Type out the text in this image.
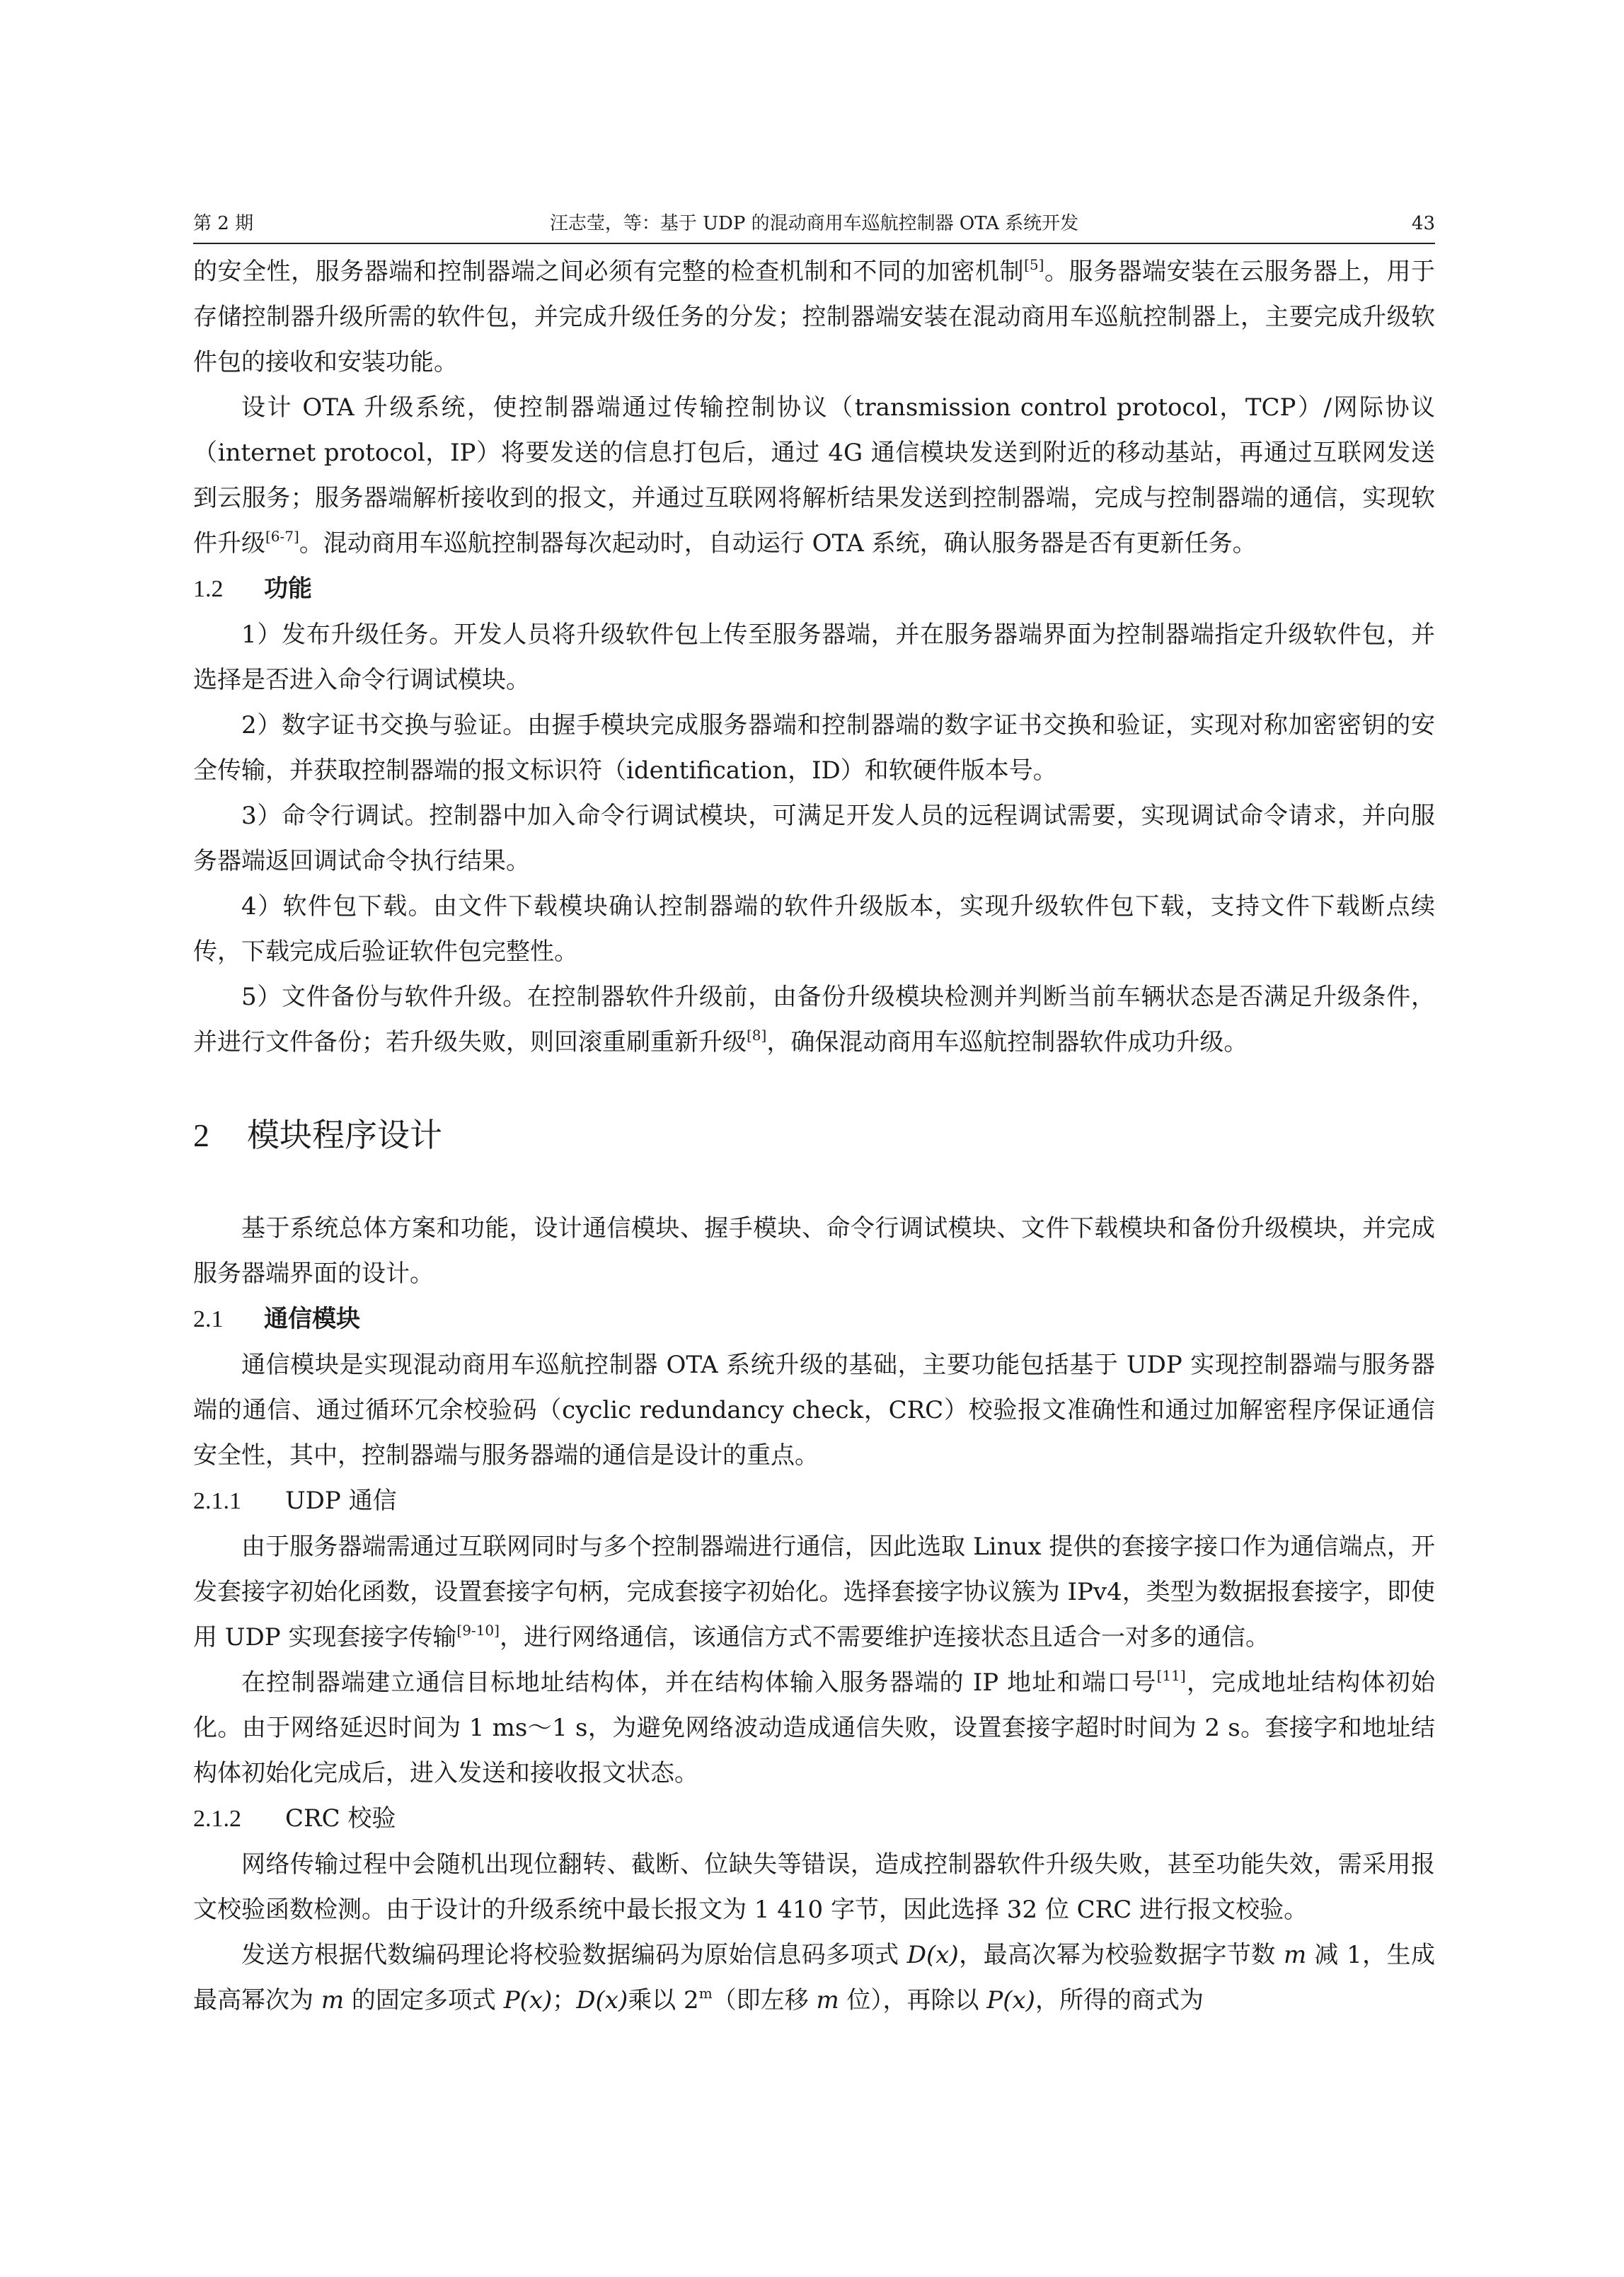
第 2 期	汪志莹，等：基于 UDP 的混动商用车巡航控制器 OTA 系统开发	43

的安全性，服务器端和控制器端之间必须有完整的检查机制和不同的加密机制[5]。服务器端安装在云服务器上，用于存储控制器升级所需的软件包，并完成升级任务的分发；控制器端安装在混动商用车巡航控制器上，主要完成升级软件包的接收和安装功能。

设计 OTA 升级系统，使控制器端通过传输控制协议（transmission control protocol，TCP）/网际协议（internet protocol，IP）将要发送的信息打包后，通过 4G 通信模块发送到附近的移动基站，再通过互联网发送到云服务；服务器端解析接收到的报文，并通过互联网将解析结果发送到控制器端，完成与控制器端的通信，实现软件升级[6-7]。混动商用车巡航控制器每次起动时，自动运行 OTA 系统，确认服务器是否有更新任务。

1.2 功能

1）发布升级任务。开发人员将升级软件包上传至服务器端，并在服务器端界面为控制器端指定升级软件包，并选择是否进入命令行调试模块。

2）数字证书交换与验证。由握手模块完成服务器端和控制器端的数字证书交换和验证，实现对称加密密钥的安全传输，并获取控制器端的报文标识符（identification，ID）和软硬件版本号。

3）命令行调试。控制器中加入命令行调试模块，可满足开发人员的远程调试需要，实现调试命令请求，并向服务器端返回调试命令执行结果。

4）软件包下载。由文件下载模块确认控制器端的软件升级版本，实现升级软件包下载，支持文件下载断点续传，下载完成后验证软件包完整性。

5）文件备份与软件升级。在控制器软件升级前，由备份升级模块检测并判断当前车辆状态是否满足升级条件，并进行文件备份；若升级失败，则回滚重刷重新升级[8]，确保混动商用车巡航控制器软件成功升级。

2 模块程序设计

基于系统总体方案和功能，设计通信模块、握手模块、命令行调试模块、文件下载模块和备份升级模块，并完成服务器端界面的设计。

2.1 通信模块

通信模块是实现混动商用车巡航控制器 OTA 系统升级的基础，主要功能包括基于 UDP 实现控制器端与服务器端的通信、通过循环冗余校验码（cyclic redundancy check，CRC）校验报文准确性和通过加解密程序保证通信安全性，其中，控制器端与服务器端的通信是设计的重点。

2.1.1 UDP 通信

由于服务器端需通过互联网同时与多个控制器端进行通信，因此选取 Linux 提供的套接字接口作为通信端点，开发套接字初始化函数，设置套接字句柄，完成套接字初始化。选择套接字协议簇为 IPv4，类型为数据报套接字，即使用 UDP 实现套接字传输[9-10]，进行网络通信，该通信方式不需要维护连接状态且适合一对多的通信。

在控制器端建立通信目标地址结构体，并在结构体输入服务器端的 IP 地址和端口号[11]，完成地址结构体初始化。由于网络延迟时间为 1 ms～1 s，为避免网络波动造成通信失败，设置套接字超时时间为 2 s。套接字和地址结构体初始化完成后，进入发送和接收报文状态。

2.1.2 CRC 校验

网络传输过程中会随机出现位翻转、截断、位缺失等错误，造成控制器软件升级失败，甚至功能失效，需采用报文校验函数检测。由于设计的升级系统中最长报文为 1 410 字节，因此选择 32 位 CRC 进行报文校验。

发送方根据代数编码理论将校验数据编码为原始信息码多项式 D(x)，最高次幂为校验数据字节数 m 减 1，生成最高幂次为 m 的固定多项式 P(x)；D(x)乘以 2$^m$（即左移 m 位），再除以 P(x)，所得的商式为
